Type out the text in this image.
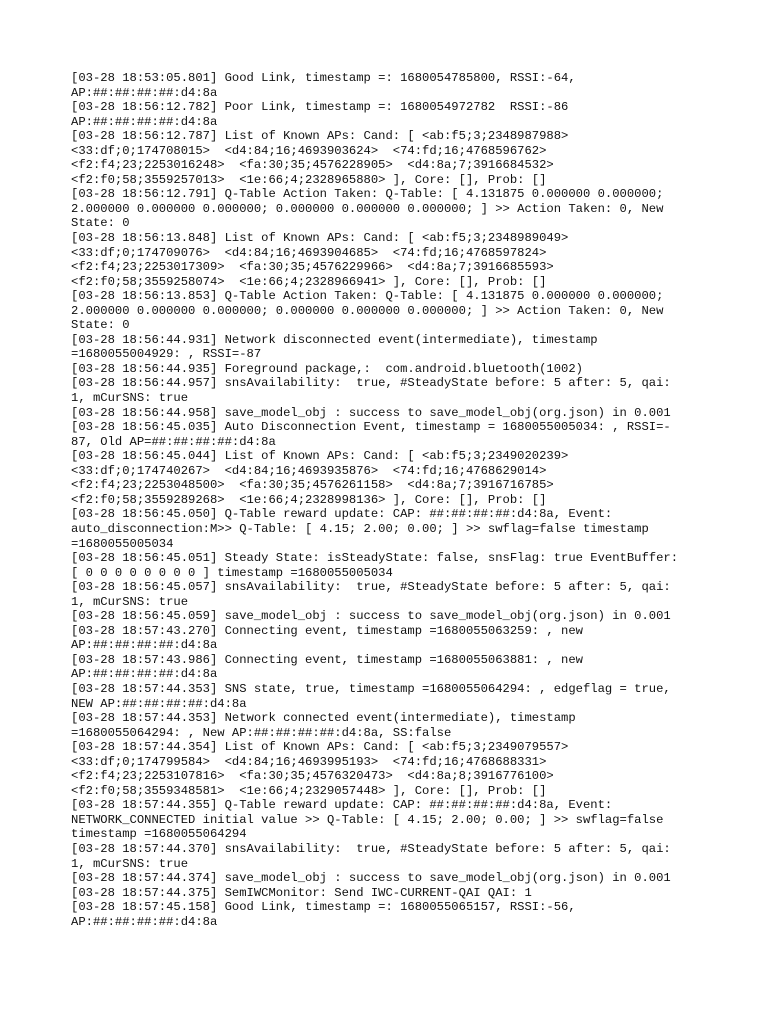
[03-28 18:53:05.801] Good Link, timestamp =: 1680054785800, RSSI:-64,
AP:##:##:##:##:d4:8a
[03-28 18:56:12.782] Poor Link, timestamp =: 1680054972782  RSSI:-86
AP:##:##:##:##:d4:8a
[03-28 18:56:12.787] List of Known APs: Cand: [ <ab:f5;3;2348987988>
<33:df;0;174708015>  <d4:84;16;4693903624>  <74:fd;16;4768596762>
<f2:f4;23;2253016248>  <fa:30;35;4576228905>  <d4:8a;7;3916684532>
<f2:f0;58;3559257013>  <1e:66;4;2328965880> ], Core: [], Prob: []
[03-28 18:56:12.791] Q-Table Action Taken: Q-Table: [ 4.131875 0.000000 0.000000;
2.000000 0.000000 0.000000; 0.000000 0.000000 0.000000; ] >> Action Taken: 0, New
State: 0
[03-28 18:56:13.848] List of Known APs: Cand: [ <ab:f5;3;2348989049>
<33:df;0;174709076>  <d4:84;16;4693904685>  <74:fd;16;4768597824>
<f2:f4;23;2253017309>  <fa:30;35;4576229966>  <d4:8a;7;3916685593>
<f2:f0;58;3559258074>  <1e:66;4;2328966941> ], Core: [], Prob: []
[03-28 18:56:13.853] Q-Table Action Taken: Q-Table: [ 4.131875 0.000000 0.000000;
2.000000 0.000000 0.000000; 0.000000 0.000000 0.000000; ] >> Action Taken: 0, New
State: 0
[03-28 18:56:44.931] Network disconnected event(intermediate), timestamp
=1680055004929: , RSSI=-87
[03-28 18:56:44.935] Foreground package,:  com.android.bluetooth(1002)
[03-28 18:56:44.957] snsAvailability:  true, #SteadyState before: 5 after: 5, qai:
1, mCurSNS: true
[03-28 18:56:44.958] save_model_obj : success to save_model_obj(org.json) in 0.001
[03-28 18:56:45.035] Auto Disconnection Event, timestamp = 1680055005034: , RSSI=-
87, Old AP=##:##:##:##:d4:8a
[03-28 18:56:45.044] List of Known APs: Cand: [ <ab:f5;3;2349020239>
<33:df;0;174740267>  <d4:84;16;4693935876>  <74:fd;16;4768629014>
<f2:f4;23;2253048500>  <fa:30;35;4576261158>  <d4:8a;7;3916716785>
<f2:f0;58;3559289268>  <1e:66;4;2328998136> ], Core: [], Prob: []
[03-28 18:56:45.050] Q-Table reward update: CAP: ##:##:##:##:d4:8a, Event:
auto_disconnection:M>> Q-Table: [ 4.15; 2.00; 0.00; ] >> swflag=false timestamp
=1680055005034
[03-28 18:56:45.051] Steady State: isSteadyState: false, snsFlag: true EventBuffer:
[ 0 0 0 0 0 0 0 0 ] timestamp =1680055005034
[03-28 18:56:45.057] snsAvailability:  true, #SteadyState before: 5 after: 5, qai:
1, mCurSNS: true
[03-28 18:56:45.059] save_model_obj : success to save_model_obj(org.json) in 0.001
[03-28 18:57:43.270] Connecting event, timestamp =1680055063259: , new
AP:##:##:##:##:d4:8a
[03-28 18:57:43.986] Connecting event, timestamp =1680055063881: , new
AP:##:##:##:##:d4:8a
[03-28 18:57:44.353] SNS state, true, timestamp =1680055064294: , edgeflag = true,
NEW AP:##:##:##:##:d4:8a
[03-28 18:57:44.353] Network connected event(intermediate), timestamp
=1680055064294: , New AP:##:##:##:##:d4:8a, SS:false
[03-28 18:57:44.354] List of Known APs: Cand: [ <ab:f5;3;2349079557>
<33:df;0;174799584>  <d4:84;16;4693995193>  <74:fd;16;4768688331>
<f2:f4;23;2253107816>  <fa:30;35;4576320473>  <d4:8a;8;3916776100>
<f2:f0;58;3559348581>  <1e:66;4;2329057448> ], Core: [], Prob: []
[03-28 18:57:44.355] Q-Table reward update: CAP: ##:##:##:##:d4:8a, Event:
NETWORK_CONNECTED initial value >> Q-Table: [ 4.15; 2.00; 0.00; ] >> swflag=false
timestamp =1680055064294
[03-28 18:57:44.370] snsAvailability:  true, #SteadyState before: 5 after: 5, qai:
1, mCurSNS: true
[03-28 18:57:44.374] save_model_obj : success to save_model_obj(org.json) in 0.001
[03-28 18:57:44.375] SemIWCMonitor: Send IWC-CURRENT-QAI QAI: 1
[03-28 18:57:45.158] Good Link, timestamp =: 1680055065157, RSSI:-56,
AP:##:##:##:##:d4:8a
